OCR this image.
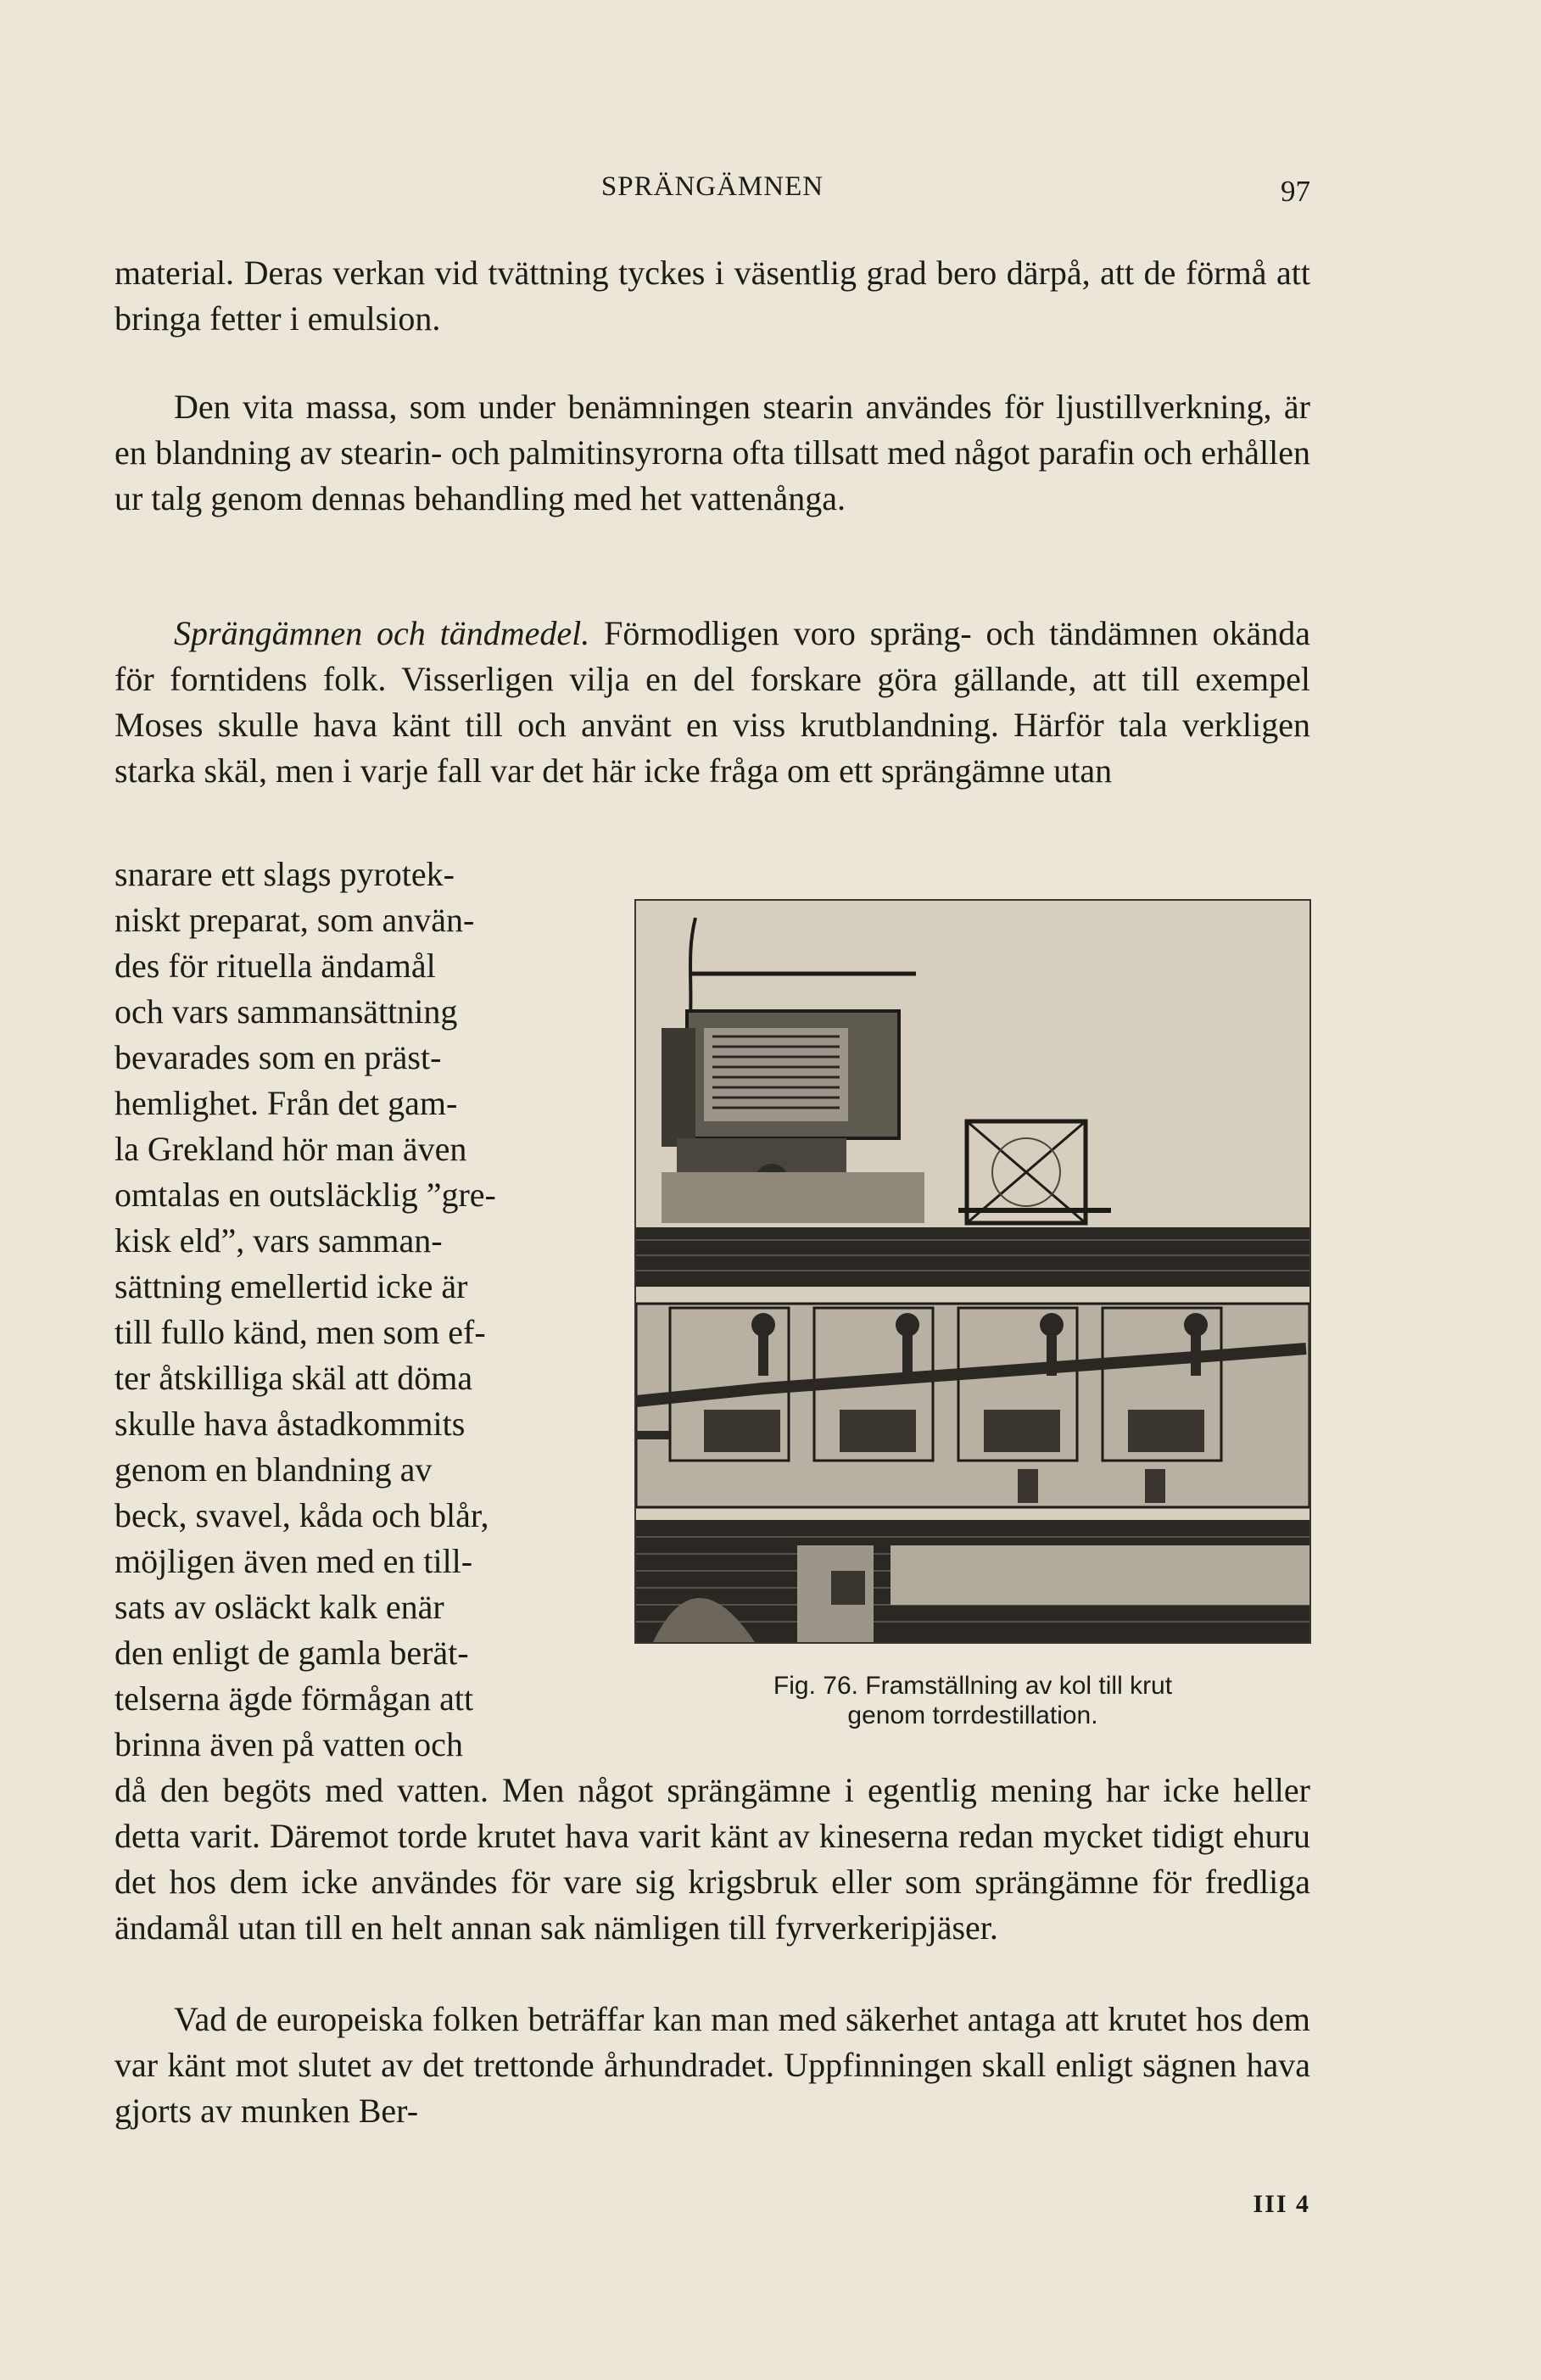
SPRÄNGÄMNEN	97

material. Deras verkan vid tvättning tyckes i väsentlig grad bero därpå, att de förmå att bringa fetter i emulsion.

Den vita massa, som under benämningen stearin användes för ljustillverkning, är en blandning av stearin- och palmitinsyrorna ofta tillsatt med något parafin och erhållen ur talg genom dennas behandling med het vattenånga.

Sprängämnen och tändmedel. Förmodligen voro spräng- och tändämnen okända för forntidens folk. Visserligen vilja en del forskare göra gällande, att till exempel Moses skulle hava känt till och använt en viss krutblandning. Härför tala verkligen starka skäl, men i varje fall var det här icke fråga om ett sprängämne utan

snarare ett slags pyrotek-
niskt preparat, som använ-
des för rituella ändamål
och vars sammansättning
bevarades som en präst-
hemlighet. Från det gam-
la Grekland hör man även
omtalas en outsläcklig ”gre-
kisk eld”, vars samman-
sättning emellertid icke är
till fullo känd, men som ef-
ter åtskilliga skäl att döma
skulle hava åstadkommits
genom en blandning av
beck, svavel, kåda och blår,
möjligen även med en till-
sats av osläckt kalk enär
den enligt de gamla berät-
telserna ägde förmågan att
brinna även på vatten och
Fig. 76. Framställning av kol till krut
genom torrdestillation.

då den begöts med vatten. Men något sprängämne i egentlig mening har icke heller detta varit. Däremot torde krutet hava varit känt av kineserna redan mycket tidigt ehuru det hos dem icke användes för vare sig krigsbruk eller som sprängämne för fredliga ändamål utan till en helt annan sak nämligen till fyrverkeripjäser.

Vad de europeiska folken beträffar kan man med säkerhet antaga att krutet hos dem var känt mot slutet av det trettonde århundradet. Uppfinningen skall enligt sägnen hava gjorts av munken Ber-

III 4
